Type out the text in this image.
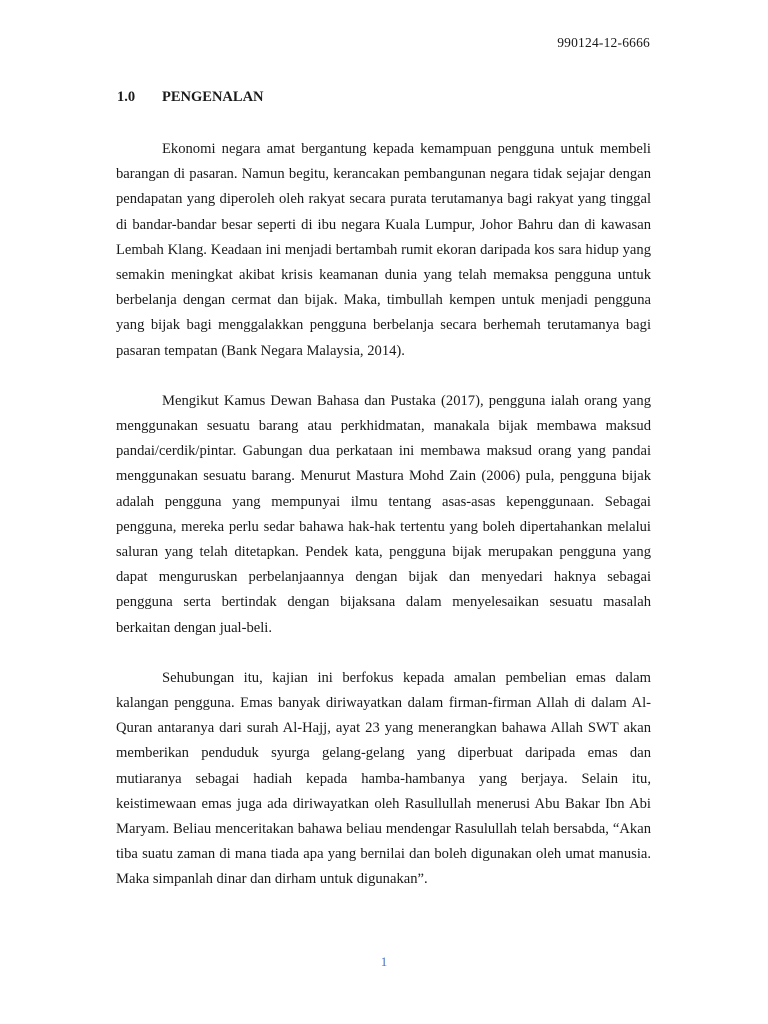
990124-12-6666
1.0 PENGENALAN

Ekonomi negara amat bergantung kepada kemampuan pengguna untuk membeli barangan di pasaran. Namun begitu, kerancakan pembangunan negara tidak sejajar dengan pendapatan yang diperoleh oleh rakyat secara purata terutamanya bagi rakyat yang tinggal di bandar-bandar besar seperti di ibu negara Kuala Lumpur, Johor Bahru dan di kawasan Lembah Klang. Keadaan ini menjadi bertambah rumit ekoran daripada kos sara hidup yang semakin meningkat akibat krisis keamanan dunia yang telah memaksa pengguna untuk berbelanja dengan cermat dan bijak. Maka, timbullah kempen untuk menjadi pengguna yang bijak bagi menggalakkan pengguna berbelanja secara berhemah terutamanya bagi pasaran tempatan (Bank Negara Malaysia, 2014).

Mengikut Kamus Dewan Bahasa dan Pustaka (2017), pengguna ialah orang yang menggunakan sesuatu barang atau perkhidmatan, manakala bijak membawa maksud pandai/cerdik/pintar. Gabungan dua perkataan ini membawa maksud orang yang pandai menggunakan sesuatu barang. Menurut Mastura Mohd Zain (2006) pula, pengguna bijak adalah pengguna yang mempunyai ilmu tentang asas-asas kepenggunaan. Sebagai pengguna, mereka perlu sedar bahawa hak-hak tertentu yang boleh dipertahankan melalui saluran yang telah ditetapkan. Pendek kata, pengguna bijak merupakan pengguna yang dapat menguruskan perbelanjaannya dengan bijak dan menyedari haknya sebagai pengguna serta bertindak dengan bijaksana dalam menyelesaikan sesuatu masalah berkaitan dengan jual-beli.

Sehubungan itu, kajian ini berfokus kepada amalan pembelian emas dalam kalangan pengguna. Emas banyak diriwayatkan dalam firman-firman Allah di dalam Al-Quran antaranya dari surah Al-Hajj, ayat 23 yang menerangkan bahawa Allah SWT akan memberikan penduduk syurga gelang-gelang yang diperbuat daripada emas dan mutiaranya sebagai hadiah kepada hamba-hambanya yang berjaya. Selain itu, keistimewaan emas juga ada diriwayatkan oleh Rasullullah menerusi Abu Bakar Ibn Abi Maryam. Beliau menceritakan bahawa beliau mendengar Rasulullah telah bersabda, “Akan tiba suatu zaman di mana tiada apa yang bernilai dan boleh digunakan oleh umat manusia. Maka simpanlah dinar dan dirham untuk digunakan”.

1
